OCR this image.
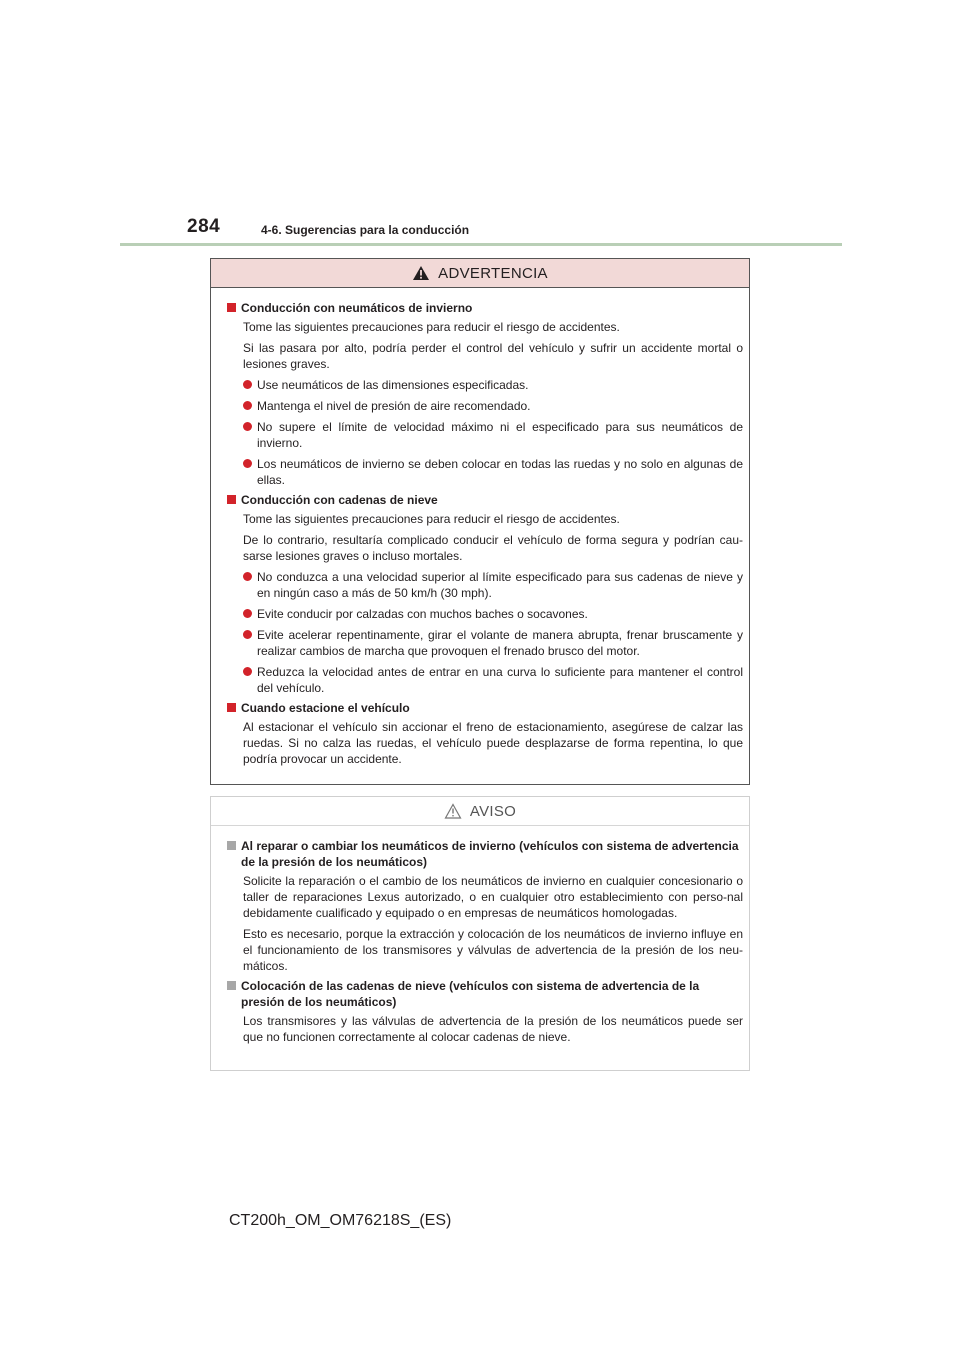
284	4-6. Sugerencias para la conducción
ADVERTENCIA
Conducción con neumáticos de invierno
Tome las siguientes precauciones para reducir el riesgo de accidentes.
Si las pasara por alto, podría perder el control del vehículo y sufrir un accidente mortal o lesiones graves.
Use neumáticos de las dimensiones especificadas.
Mantenga el nivel de presión de aire recomendado.
No supere el límite de velocidad máximo ni el especificado para sus neumáticos de invierno.
Los neumáticos de invierno se deben colocar en todas las ruedas y no solo en algunas de ellas.
Conducción con cadenas de nieve
Tome las siguientes precauciones para reducir el riesgo de accidentes.
De lo contrario, resultaría complicado conducir el vehículo de forma segura y podrían cau-sarse lesiones graves o incluso mortales.
No conduzca a una velocidad superior al límite especificado para sus cadenas de nieve y en ningún caso a más de 50 km/h (30 mph).
Evite conducir por calzadas con muchos baches o socavones.
Evite acelerar repentinamente, girar el volante de manera abrupta, frenar bruscamente y realizar cambios de marcha que provoquen el frenado brusco del motor.
Reduzca la velocidad antes de entrar en una curva lo suficiente para mantener el control del vehículo.
Cuando estacione el vehículo
Al estacionar el vehículo sin accionar el freno de estacionamiento, asegúrese de calzar las ruedas. Si no calza las ruedas, el vehículo puede desplazarse de forma repentina, lo que podría provocar un accidente.
AVISO
Al reparar o cambiar los neumáticos de invierno (vehículos con sistema de advertencia de la presión de los neumáticos)
Solicite la reparación o el cambio de los neumáticos de invierno en cualquier concesionario o taller de reparaciones Lexus autorizado, o en cualquier otro establecimiento con perso-nal debidamente cualificado y equipado o en empresas de neumáticos homologadas.
Esto es necesario, porque la extracción y colocación de los neumáticos de invierno influye en el funcionamiento de los transmisores y válvulas de advertencia de la presión de los neu-máticos.
Colocación de las cadenas de nieve (vehículos con sistema de advertencia de la presión de los neumáticos)
Los transmisores y las válvulas de advertencia de la presión de los neumáticos puede ser que no funcionen correctamente al colocar cadenas de nieve.
CT200h_OM_OM76218S_(ES)
